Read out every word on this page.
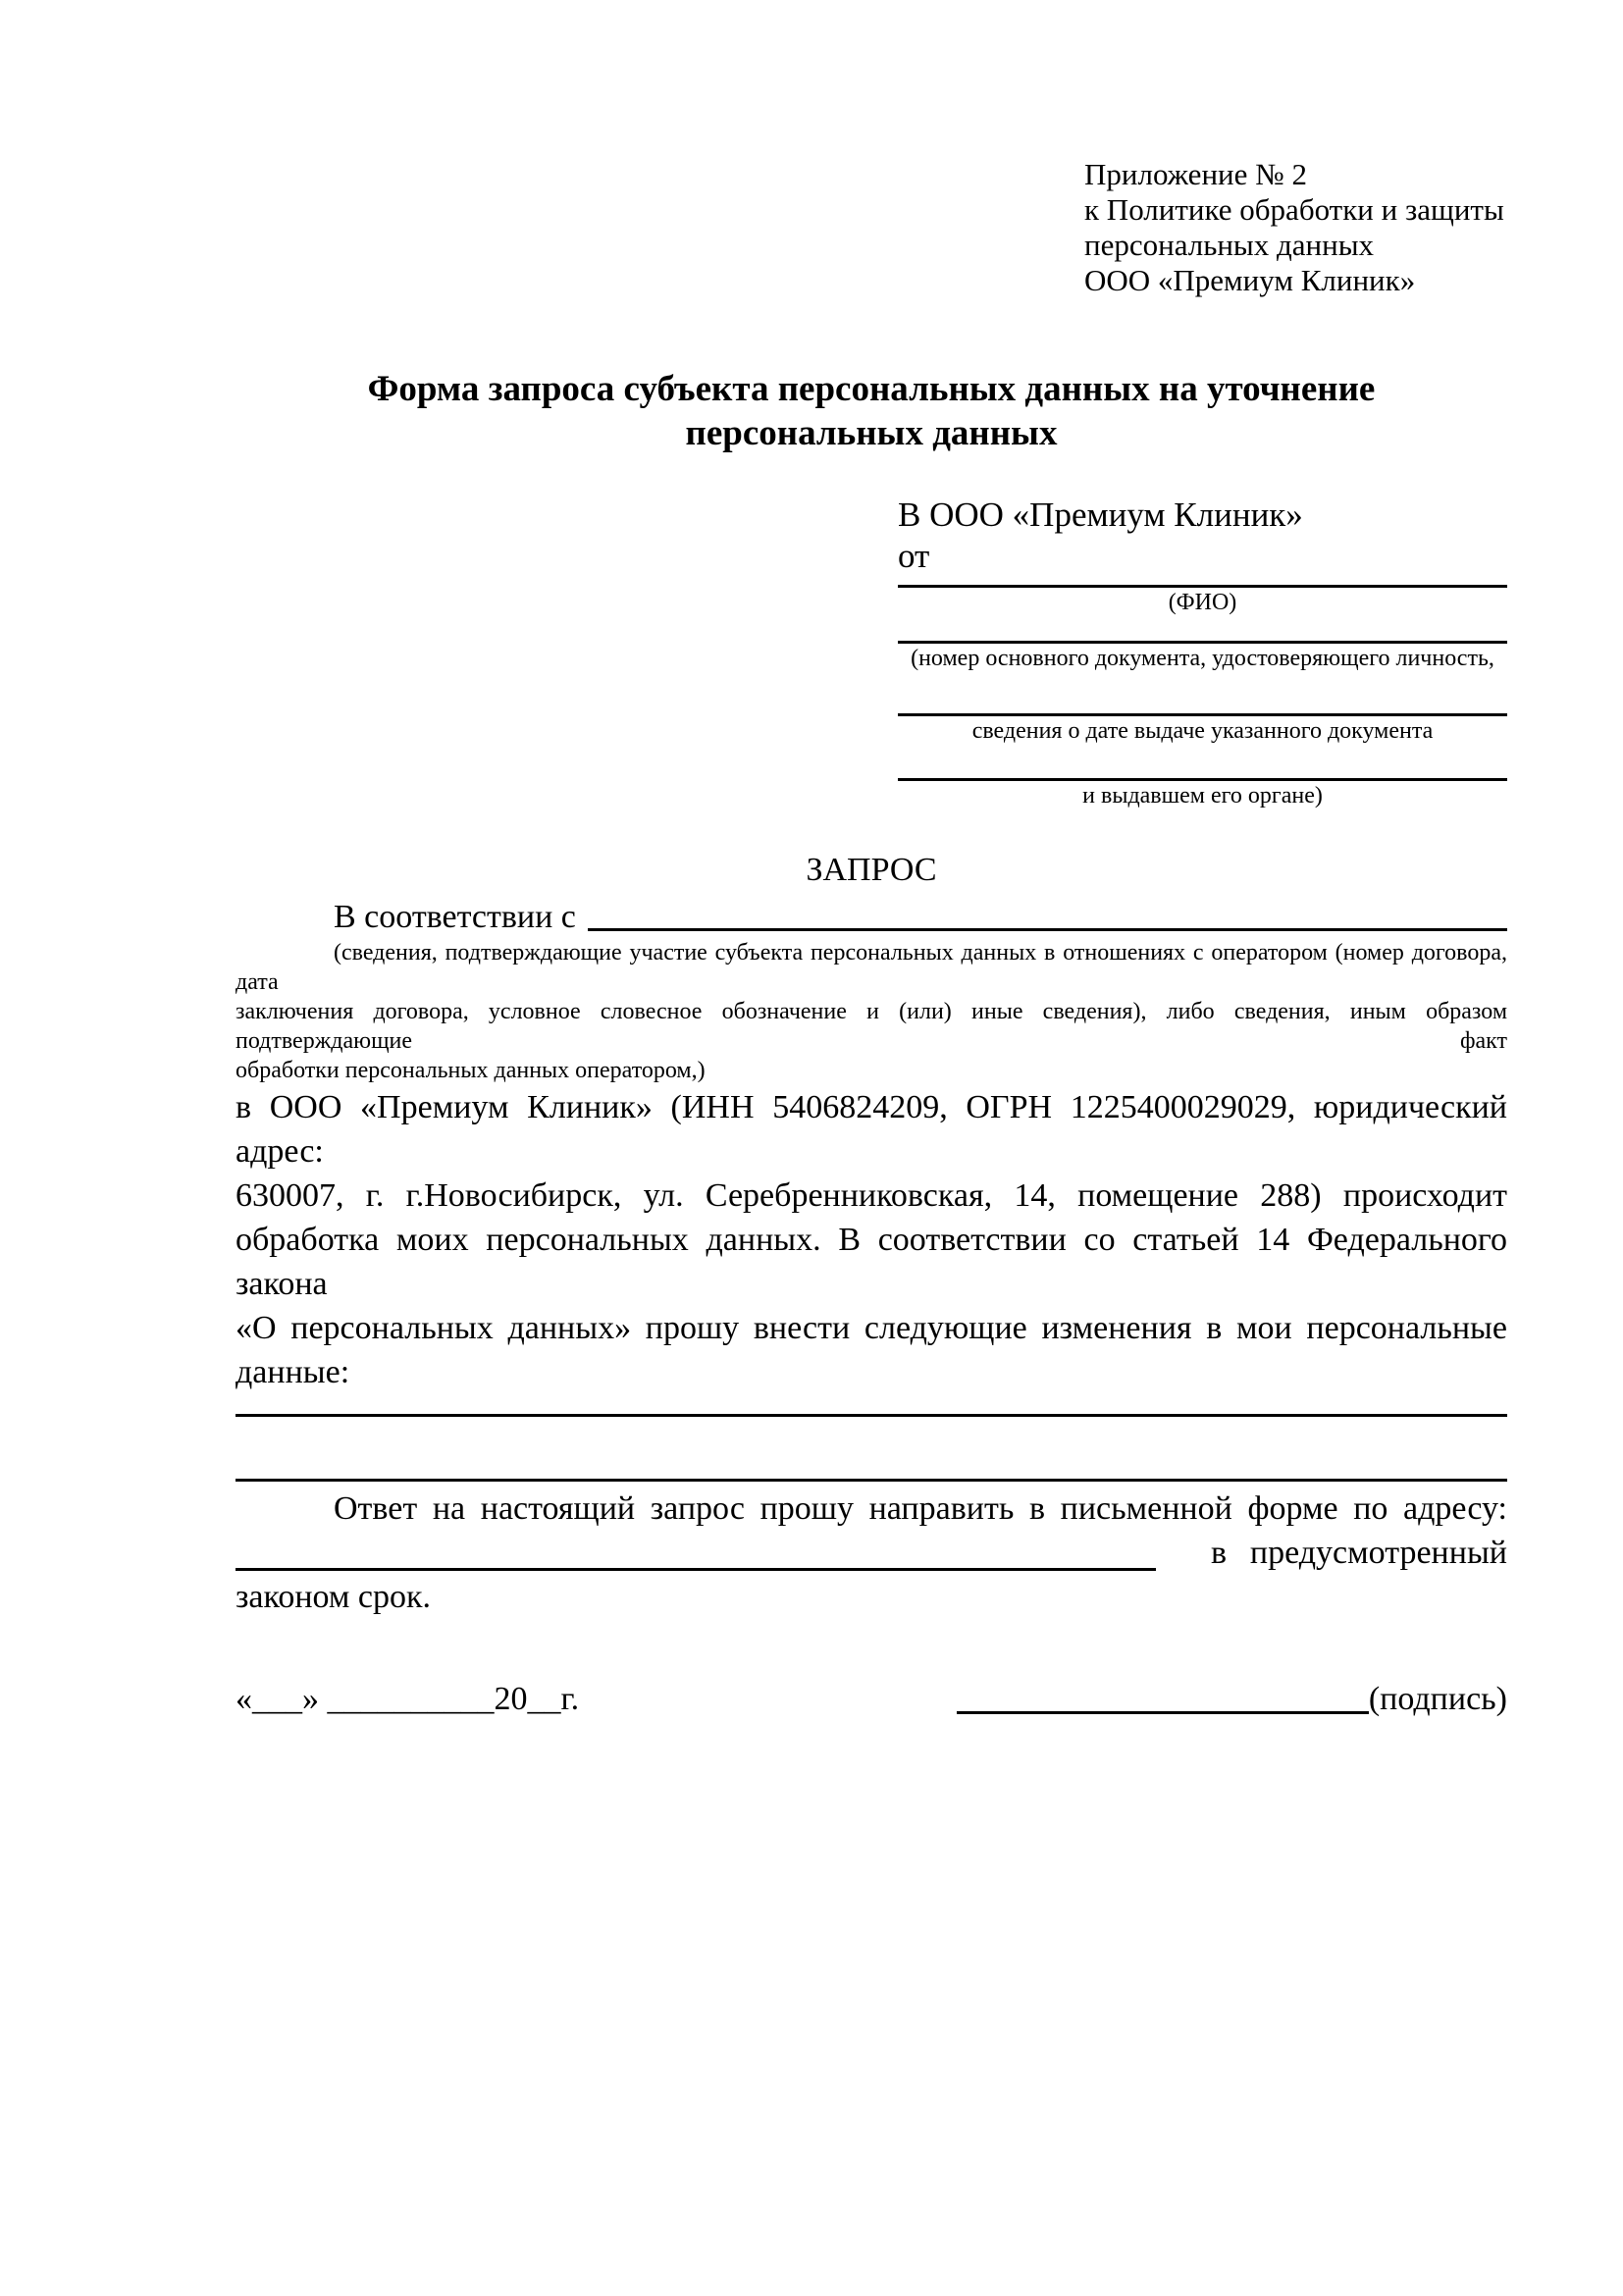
Приложение № 2
к Политике обработки и защиты
персональных данных
ООО «Премиум Клиник»
Форма запроса субъекта персональных данных на уточнение
персональных данных
В ООО «Премиум Клиник»
от
(ФИО)
(номер основного документа, удостоверяющего личность,
сведения о дате выдаче указанного документа
и выдавшем его органе)
ЗАПРОС
В соответствии с
(сведения, подтверждающие участие субъекта персональных данных в отношениях с оператором (номер договора, дата
заключения договора, условное словесное обозначение и (или) иные сведения), либо сведения, иным образом подтверждающие факт
обработки персональных данных оператором,)
в ООО «Премиум Клиник» (ИНН 5406824209, ОГРН 1225400029029, юридический адрес:
630007, г. г.Новосибирск, ул. Серебренниковская, 14, помещение 288) происходит
обработка моих персональных данных. В соответствии со статьей 14 Федерального закона
«О персональных данных» прошу внести следующие изменения в мои персональные
данные:
Ответ на настоящий запрос прошу направить в письменной форме по адресу:
в предусмотренный
законом срок.
«___» __________20__г.	(подпись)
